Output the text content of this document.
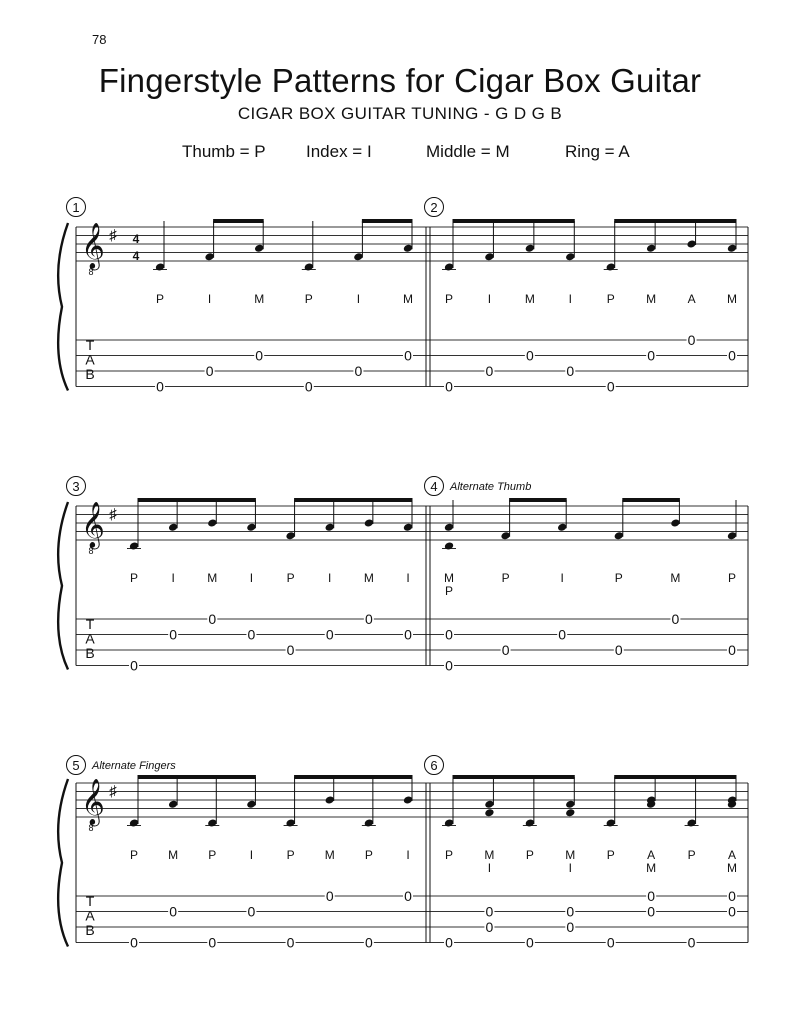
78
Fingerstyle Patterns for Cigar Box Guitar
CIGAR BOX GUITAR TUNING - G D G B
Thumb = P Index = I	Middle = M	Ring = A
𝄞
8
♯ 4
4
T
A
B
1
P
0
I
0
M
0
P
0
I
0
M
0
2
P
0
I
0
M
0
I
0
P
0
M
0
A
0
M
0
𝄞
8
♯
T
A
B
3
P
0
I
0
M
0
I
0
P
0
I
0
M
0
I
0
4 Alternate Thumb
M
P
0
0
P
0
I
0
P
0
M
0
P
0
𝄞
8
♯
T
A
B
5 Alternate Fingers
P
0
M
0
P
0
I
0
P
0
M
0
P
0
I
0
6
P
0
M
I
0
0
P
0
M
I
0
0
P
0
A
M
0
0
P
0
A
M
0
0
